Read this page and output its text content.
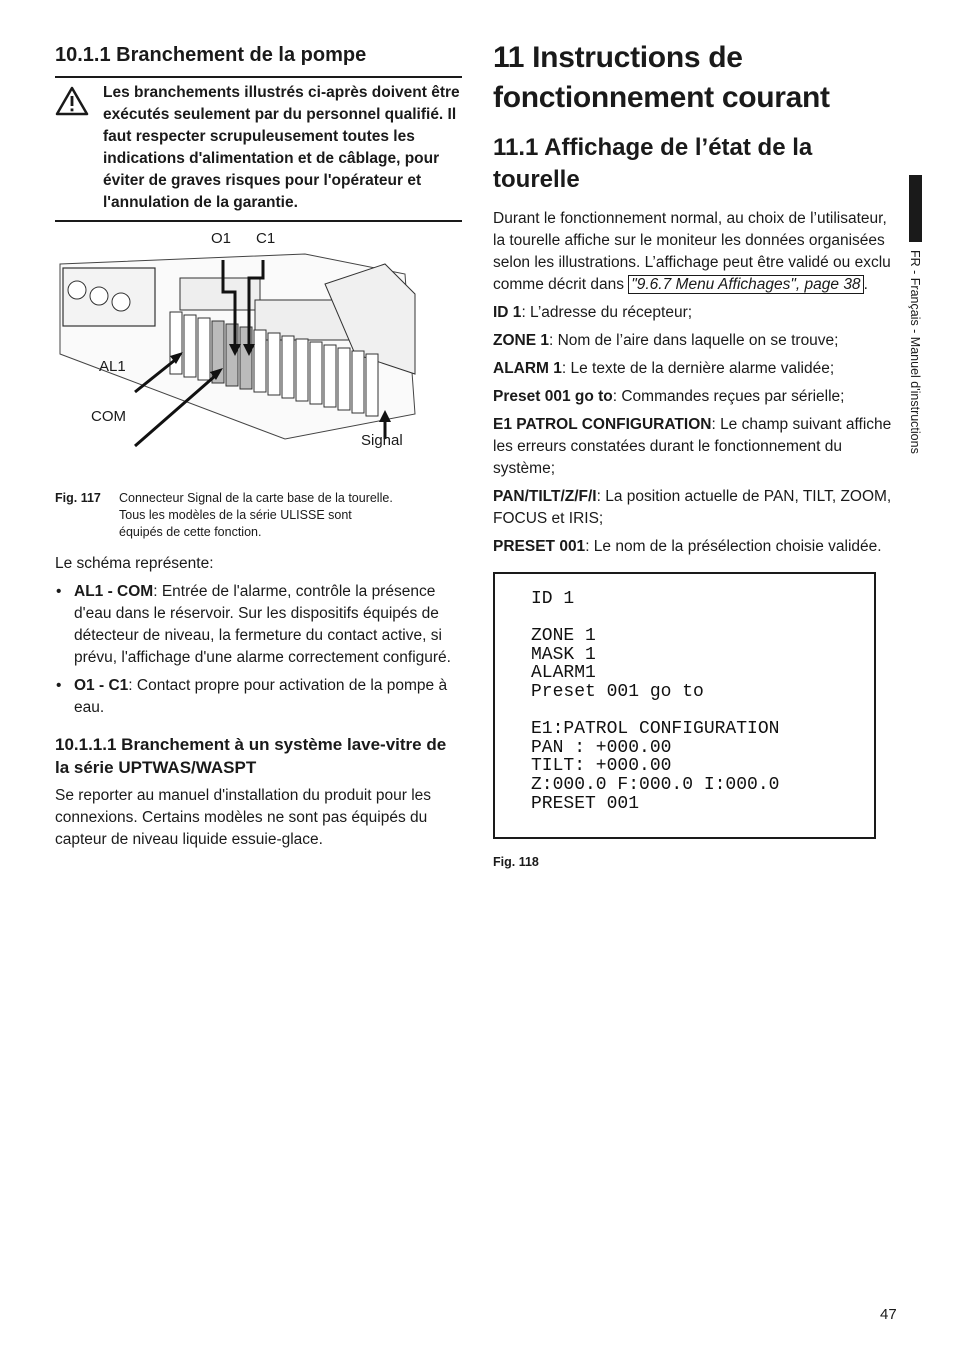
10.1.1 Branchement de la pompe
Les branchements illustrés ci-après doivent être exécutés seulement par du personnel qualifié. Il faut respecter scrupuleusement toutes les indications d'alimentation et de câblage, pour éviter de graves risques pour l'opérateur et l'annulation de la garantie.
O1 C1
AL1
COM
Signal
Fig. 117	Connecteur Signal de la carte base de la tourelle. Tous les modèles de la série ULISSE sont équipés de cette fonction.

Le schéma représente:

• AL1 - COM: Entrée de l'alarme, contrôle la présence d'eau dans le réservoir. Sur les dispositifs équipés de détecteur de niveau, la fermeture du contact active, si prévu, l'affichage d'une alarme correctement configuré.
• O1 - C1: Contact propre pour activation de la pompe à eau.
10.1.1.1 Branchement à un système lave-vitre de la série UPTWAS/WASPT

Se reporter au manuel d'installation du produit pour les connexions. Certains modèles ne sont pas équipés du capteur de niveau liquide essuie-glace.

11 Instructions de fonctionnement courant
11.1 Affichage de l’état de la tourelle

Durant le fonctionnement normal, au choix de l’utilisateur, la tourelle affiche sur le moniteur les données organisées selon les illustrations. L’affichage peut être validé ou exclu comme décrit dans "9.6.7 Menu Affichages", page 38 .

ID 1: L’adresse du récepteur;

ZONE 1: Nom de l’aire dans laquelle on se trouve;

ALARM 1: Le texte de la dernière alarme validée;

Preset 001 go to: Commandes reçues par sérielle;

E1 PATROL CONFIGURATION: Le champ suivant affiche les erreurs constatées durant le fonctionnement du système;

PAN/TILT/Z/F/I: La position actuelle de PAN, TILT, ZOOM, FOCUS et IRIS;

PRESET 001: Le nom de la présélection choisie validée.

ID 1
ZONE 1
MASK 1
ALARM1
Preset 001 go to
E1:PATROL CONFIGURATION
PAN : +000.00
TILT: +000.00
Z:000.0 F:000.0 I:000.0
PRESET 001
Fig. 118
FR - Français - Manuel d'instructions
47
